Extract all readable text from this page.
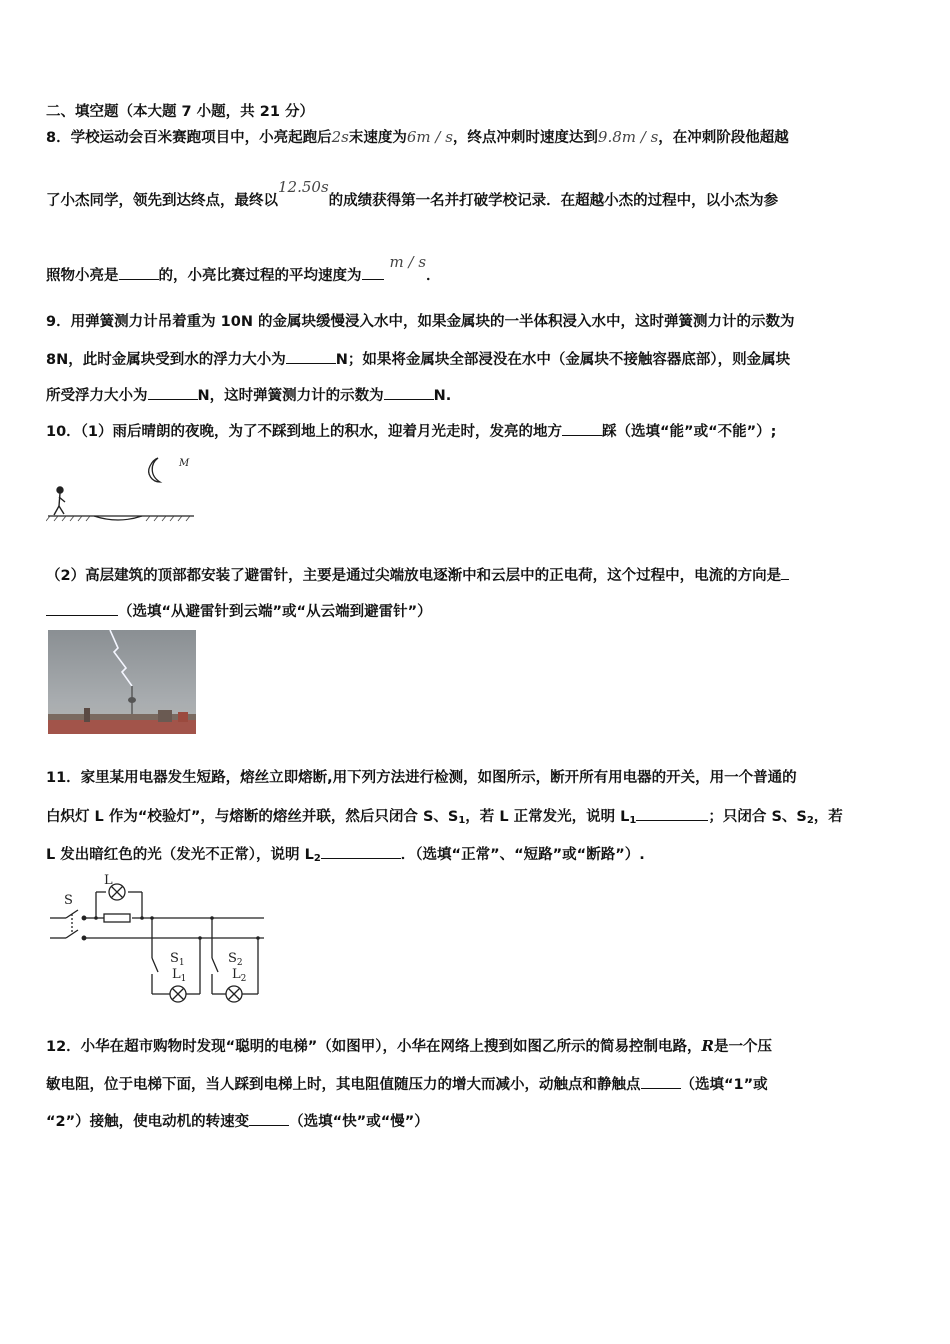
二、填空题（本大题 7 小题，共 21 分）
8．学校运动会百米赛跑项目中，小亮起跑后2s末速度为6m / s，终点冲刺时速度达到9.8m / s，在冲刺阶段他超越
了小杰同学，领先到达终点，最终以12.50s的成绩获得第一名并打破学校记录．在超越小杰的过程中，以小杰为参
照物小亮是	的，小亮比赛过程的平均速度为m / s．
9．用弹簧测力计吊着重为 10N 的金属块缓慢浸入水中，如果金属块的一半体积浸入水中，这时弹簧测力计的示数为
8N，此时金属块受到水的浮力大小为	N；如果将金属块全部浸没在水中（金属块不接触容器底部），则金属块
所受浮力大小为	N，这时弹簧测力计的示数为	N.
10．（1）雨后晴朗的夜晚，为了不踩到地上的积水，迎着月光走时，发亮的地方	踩（选填“能”或“不能”）;
M
（2）高层建筑的顶部都安装了避雷针，主要是通过尖端放电逐渐中和云层中的正电荷，这个过程中，电流的方向是
（选填“从避雷针到云端”或“从云端到避雷针”）
11．家里某用电器发生短路，熔丝立即熔断,用下列方法进行检测，如图所示，断开所有用电器的开关，用一个普通的
白炽灯 L 作为“校验灯”，与熔断的熔丝并联，然后只闭合 S、$S_1$，若 L 正常发光，说明 $L_1$	；只闭合 S、$S_2$，若
L 发出暗红色的光（发光不正常），说明 $L_2$	．（选填“正常”、“短路”或“断路”）.
S
L
$S_1$
$L_1$
$S_2$
$L_2$
12．小华在超市购物时发现“聪明的电梯”（如图甲），小华在网络上搜到如图乙所示的简易控制电路，R是一个压
敏电阻，位于电梯下面，当人踩到电梯上时，其电阻值随压力的增大而减小，动触点和静触点	（选填“1”或
“2”）接触，使电动机的转速变	（选填“快”或“慢”）
